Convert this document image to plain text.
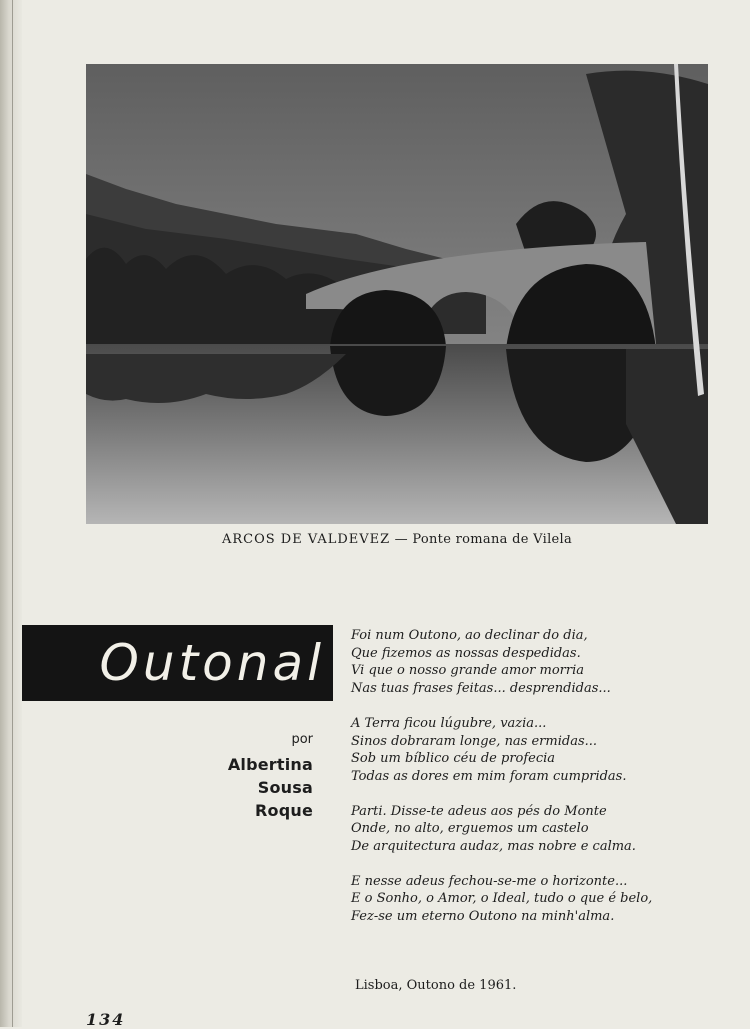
ARCOS DE VALDEVEZ — Ponte romana de Vilela
Outonal
por
Albertina
Sousa
Roque
Foi num Outono, ao declinar do dia,
Que fizemos as nossas despedidas.
Vi que o nosso grande amor morria
Nas tuas frases feitas... desprendidas...
A Terra ficou lúgubre, vazia...
Sinos dobraram longe, nas ermidas...
Sob um bíblico céu de profecia
Todas as dores em mim foram cumpridas.
Parti. Disse-te adeus aos pés do Monte
Onde, no alto, erguemos um castelo
De arquitectura audaz, mas nobre e calma.
E nesse adeus fechou-se-me o horizonte...
E o Sonho, o Amor, o Ideal, tudo o que é belo,
Fez-se um eterno Outono na minh'alma.
Lisboa, Outono de 1961.
134
